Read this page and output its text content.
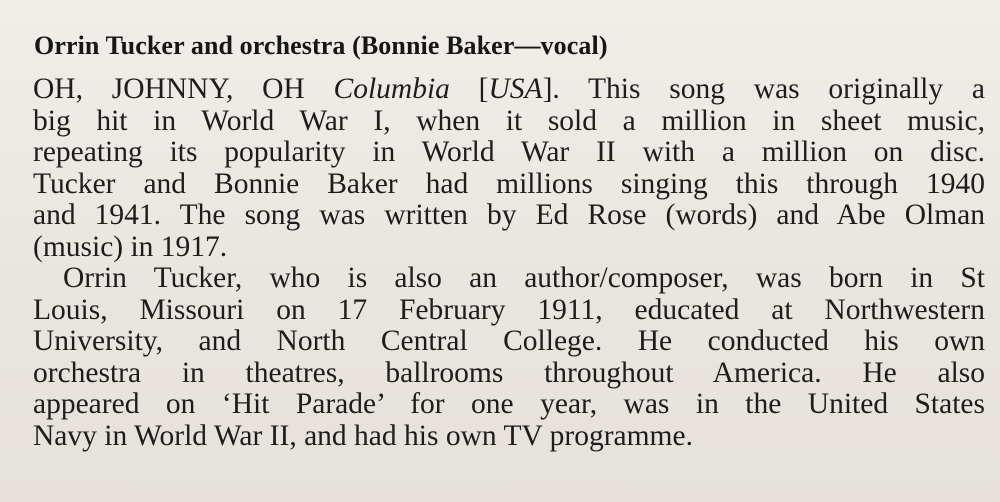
Orrin Tucker and orchestra (Bonnie Baker—vocal)
OH, JOHNNY, OH Columbia [USA]. This song was originally a
big hit in World War I, when it sold a million in sheet music,
repeating its popularity in World War II with a million on disc.
Tucker and Bonnie Baker had millions singing this through 1940
and 1941. The song was written by Ed Rose (words) and Abe Olman
(music) in 1917.
Orrin Tucker, who is also an author/composer, was born in St
Louis, Missouri on 17 February 1911, educated at Northwestern
University, and North Central College. He conducted his own
orchestra in theatres, ballrooms throughout America. He also
appeared on ‘Hit Parade’ for one year, was in the United States
Navy in World War II, and had his own TV programme.
